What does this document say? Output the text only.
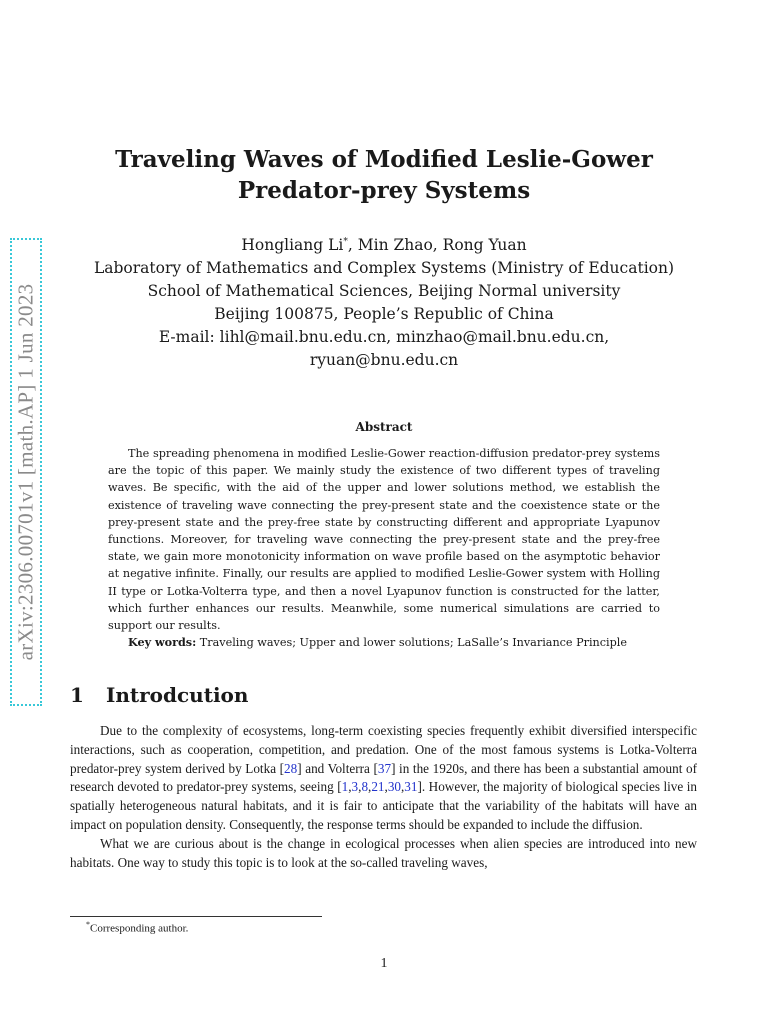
arXiv:2306.00701v1 [math.AP] 1 Jun 2023
Traveling Waves of Modified Leslie-Gower
Predator-prey Systems
Hongliang Li*, Min Zhao, Rong Yuan
Laboratory of Mathematics and Complex Systems (Ministry of Education)
School of Mathematical Sciences, Beijing Normal university
Beijing 100875, People’s Republic of China
E-mail: lihl@mail.bnu.edu.cn, minzhao@mail.bnu.edu.cn,
ryuan@bnu.edu.cn
Abstract

The spreading phenomena in modified Leslie-Gower reaction-diffusion predator-prey systems are the topic of this paper. We mainly study the existence of two different types of traveling waves. Be specific, with the aid of the upper and lower solutions method, we establish the existence of traveling wave connecting the prey-present state and the coexistence state or the prey-present state and the prey-free state by constructing different and appropriate Lyapunov functions. Moreover, for traveling wave connecting the prey-present state and the prey-free state, we gain more monotonicity information on wave profile based on the asymptotic behavior at negative infinite. Finally, our results are applied to modified Leslie-Gower system with Holling II type or Lotka-Volterra type, and then a novel Lyapunov function is constructed for the latter, which further enhances our results. Meanwhile, some numerical simulations are carried to support our results.

Key words: Traveling waves; Upper and lower solutions; LaSalle’s Invariance Principle

1 Introdcution

Due to the complexity of ecosystems, long-term coexisting species frequently exhibit diversified interspecific interactions, such as cooperation, competition, and predation. One of the most famous systems is Lotka-Volterra predator-prey system derived by Lotka [28] and Volterra [37] in the 1920s, and there has been a substantial amount of research devoted to predator-prey systems, seeing [1,3,8,21,30,31]. However, the majority of biological species live in spatially heterogeneous natural habitats, and it is fair to anticipate that the variability of the habitats will have an impact on population density. Consequently, the response terms should be expanded to include the diffusion.

What we are curious about is the change in ecological processes when alien species are introduced into new habitats. One way to study this topic is to look at the so-called traveling waves,

*Corresponding author.
1
